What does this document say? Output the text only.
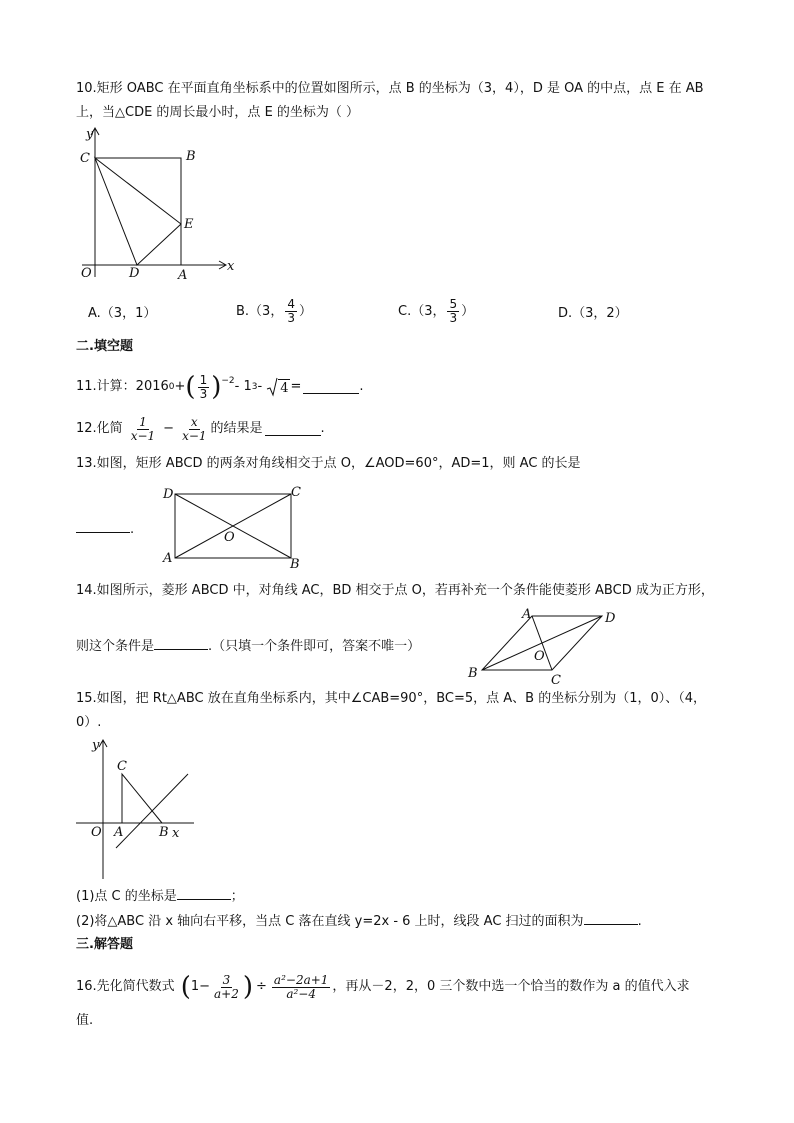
10.矩形 OABC 在平面直角坐标系中的位置如图所示，点 B 的坐标为（3，4），D 是 OA 的中点，点 E 在 AB
上，当△CDE 的周长最小时，点 E 的坐标为（ ）
y
C	B
E
O	D	A
x
A.（3，1）	B.（3， $\frac{4}{3}$ ）	C.（3， $\frac{5}{3}$ ）	D.（3，2）
二.填空题
11.计算：2016 0 + ( $\frac{1}{3} )^{-2} - 1$ 3 - 4 =	.
12.化简 $\frac{1}{x-1} - \frac{x}{x-1}$ 的结果是	.
13.如图，矩形 ABCD 的两条对角线相交于点 O，∠AOD=60°，AD=1，则 AC 的长是
D	C
O
A	B
.
14.如图所示，菱形 ABCD 中，对角线 AC，BD 相交于点 O，若再补充一个条件能使菱形 ABCD 成为正方形，
则这个条件是	.（只填一个条件即可，答案不唯一）
A	D
O
B	C
15.如图，把 Rt△ABC 放在直角坐标系内，其中∠CAB=90°，BC=5，点 A、B 的坐标分别为（1，0）、（4，
0）.
y
C
O A	B x
(1)点 C 的坐标是	；
(2)将△ABC 沿 x 轴向右平移，当点 C 落在直线 y=2x - 6 上时，线段 AC 扫过的面积为	.
三.解答题
16.先化简代数式 ( $1- \frac{3}{a+2}$ ) ÷ $\frac{\text{a²−2a+1}}{\text{a²−4}}$ ，再从－2，2，0 三个数中选一个恰当的数作为 a 的值代入求
值.
